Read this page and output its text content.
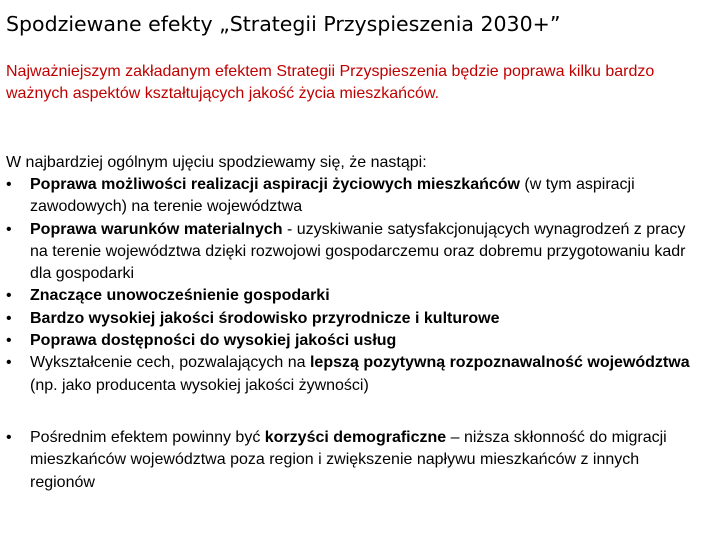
Spodziewane efekty „Strategii Przyspieszenia 2030+”

Najważniejszym zakładanym efektem Strategii Przyspieszenia będzie poprawa kilku bardzo ważnych aspektów kształtujących jakość życia mieszkańców.

W najbardziej ogólnym ujęciu spodziewamy się, że nastąpi:

•	Poprawa możliwości realizacji aspiracji życiowych mieszkańców (w tym aspiracji zawodowych) na terenie województwa
•	Poprawa warunków materialnych - uzyskiwanie satysfakcjonujących wynagrodzeń z pracy na terenie województwa dzięki rozwojowi gospodarczemu oraz dobremu przygotowaniu kadr dla gospodarki
•	Znaczące unowocześnienie gospodarki
•	Bardzo wysokiej jakości środowisko przyrodnicze i kulturowe
•	Poprawa dostępności do wysokiej jakości usług
•	Wykształcenie cech, pozwalających na lepszą pozytywną rozpoznawalność województwa (np. jako producenta wysokiej jakości żywności)
•	Pośrednim efektem powinny być korzyści demograficzne – niższa skłonność do migracji mieszkańców województwa poza region i zwiększenie napływu mieszkańców z innych regionów
